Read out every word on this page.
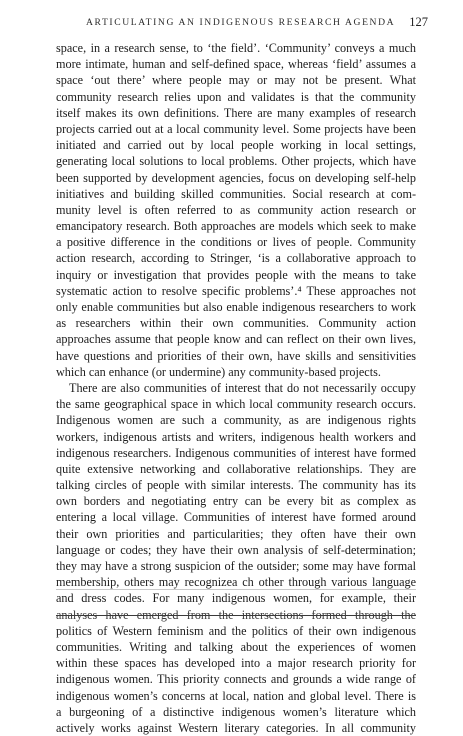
ARTICULATING AN INDIGENOUS RESEARCH AGENDA 127
space, in a research sense, to ‘the field’. ‘Community’ conveys a much
more intimate, human and self-defined space, whereas ‘field’ assumes a
space ‘out there’ where people may or may not be present. What
community research relies upon and validates is that the community
itself makes its own definitions. There are many examples of research
projects carried out at a local community level. Some projects have been
initiated and carried out by local people working in local settings,
generating local solutions to local problems. Other projects, which have
been supported by development agencies, focus on developing self-help
initiatives and building skilled communities. Social research at com-
munity level is often referred to as community action research or
emancipatory research. Both approaches are models which seek to make
a positive difference in the conditions or lives of people. Community
action research, according to Stringer, ‘is a collaborative approach to
inquiry or investigation that provides people with the means to take
systematic action to resolve specific problems’.⁴ These approaches not
only enable communities but also enable indigenous researchers to work
as researchers within their own communities. Community action
approaches assume that people know and can reflect on their own lives,
have questions and priorities of their own, have skills and sensitivities
which can enhance (or undermine) any community-based projects.
There are also communities of interest that do not necessarily occupy
the same geographical space in which local community research occurs.
Indigenous women are such a community, as are indigenous rights
workers, indigenous artists and writers, indigenous health workers and
indigenous researchers. Indigenous communities of interest have formed
quite extensive networking and collaborative relationships. They are
talking circles of people with similar interests. The community has its
own borders and negotiating entry can be every bit as complex as
entering a local village. Communities of interest have formed around
their own priorities and particularities; they often have their own
language or codes; they have their own analysis of self-determination;
they may have a strong suspicion of the outsider; some may have formal
membership, others may recognizea ch other through various language
and dress codes. For many indigenous women, for example, their
analyses have emerged from the intersections formed through the
politics of Western feminism and the politics of their own indigenous
communities. Writing and talking about the experiences of women
within these spaces has developed into a major research priority for
indigenous women. This priority connects and grounds a wide range of
indigenous women’s concerns at local, nation and global level. There is
a burgeoning of a distinctive indigenous women’s literature which
actively works against Western literary categories. In all community
